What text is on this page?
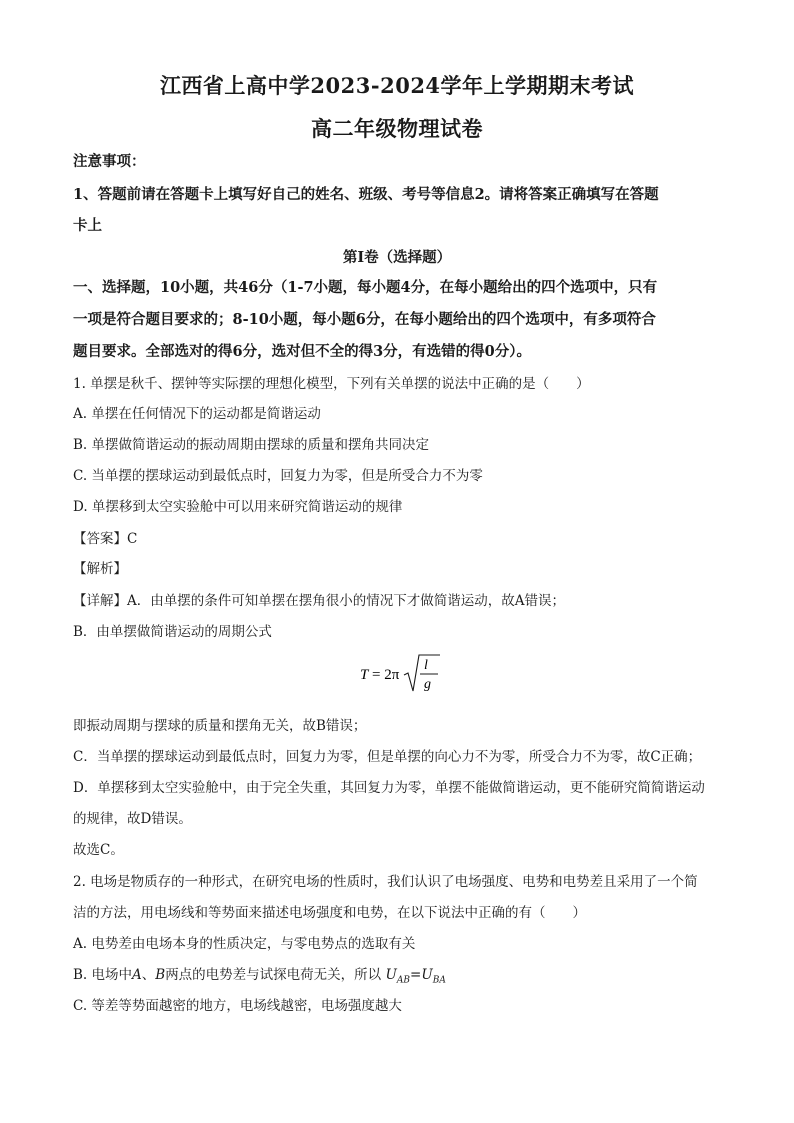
江西省上高中学2023-2024学年上学期期末考试
高二年级物理试卷
注意事项：
1、答题前请在答题卡上填写好自己的姓名、班级、考号等信息2。请将答案正确填写在答题
卡上
第I卷（选择题）
一、选择题，10小题，共46分（1-7小题，每小题4分，在每小题给出的四个选项中，只有
一项是符合题目要求的；8-10小题，每小题6分，在每小题给出的四个选项中，有多项符合
题目要求。全部选对的得6分，选对但不全的得3分，有选错的得0分）。
1. 单摆是秋千、摆钟等实际摆的理想化模型，下列有关单摆的说法中正确的是（　　）
A. 单摆在任何情况下的运动都是简谐运动
B. 单摆做简谐运动的振动周期由摆球的质量和摆角共同决定
C. 当单摆的摆球运动到最低点时，回复力为零，但是所受合力不为零
D. 单摆移到太空实验舱中可以用来研究简谐运动的规律
【答案】C
【解析】
【详解】A．由单摆的条件可知单摆在摆角很小的情况下才做简谐运动，故A错误；
B．由单摆做简谐运动的周期公式
T = 2π
l
g
即振动周期与摆球的质量和摆角无关，故B错误；
C．当单摆的摆球运动到最低点时，回复力为零，但是单摆的向心力不为零，所受合力不为零，故C正确；
D．单摆移到太空实验舱中，由于完全失重，其回复力为零，单摆不能做简谐运动，更不能研究简简谐运动
的规律，故D错误。
故选C。
2. 电场是物质存的一种形式，在研究电场的性质时，我们认识了电场强度、电势和电势差且采用了一个简
洁的方法，用电场线和等势面来描述电场强度和电势，在以下说法中正确的有（　　）
A. 电势差由电场本身的性质决定，与零电势点的选取有关
B. 电场中A、B两点的电势差与试探电荷无关，所以 $U_{AB}=U_{BA}$
C. 等差等势面越密的地方，电场线越密，电场强度越大
